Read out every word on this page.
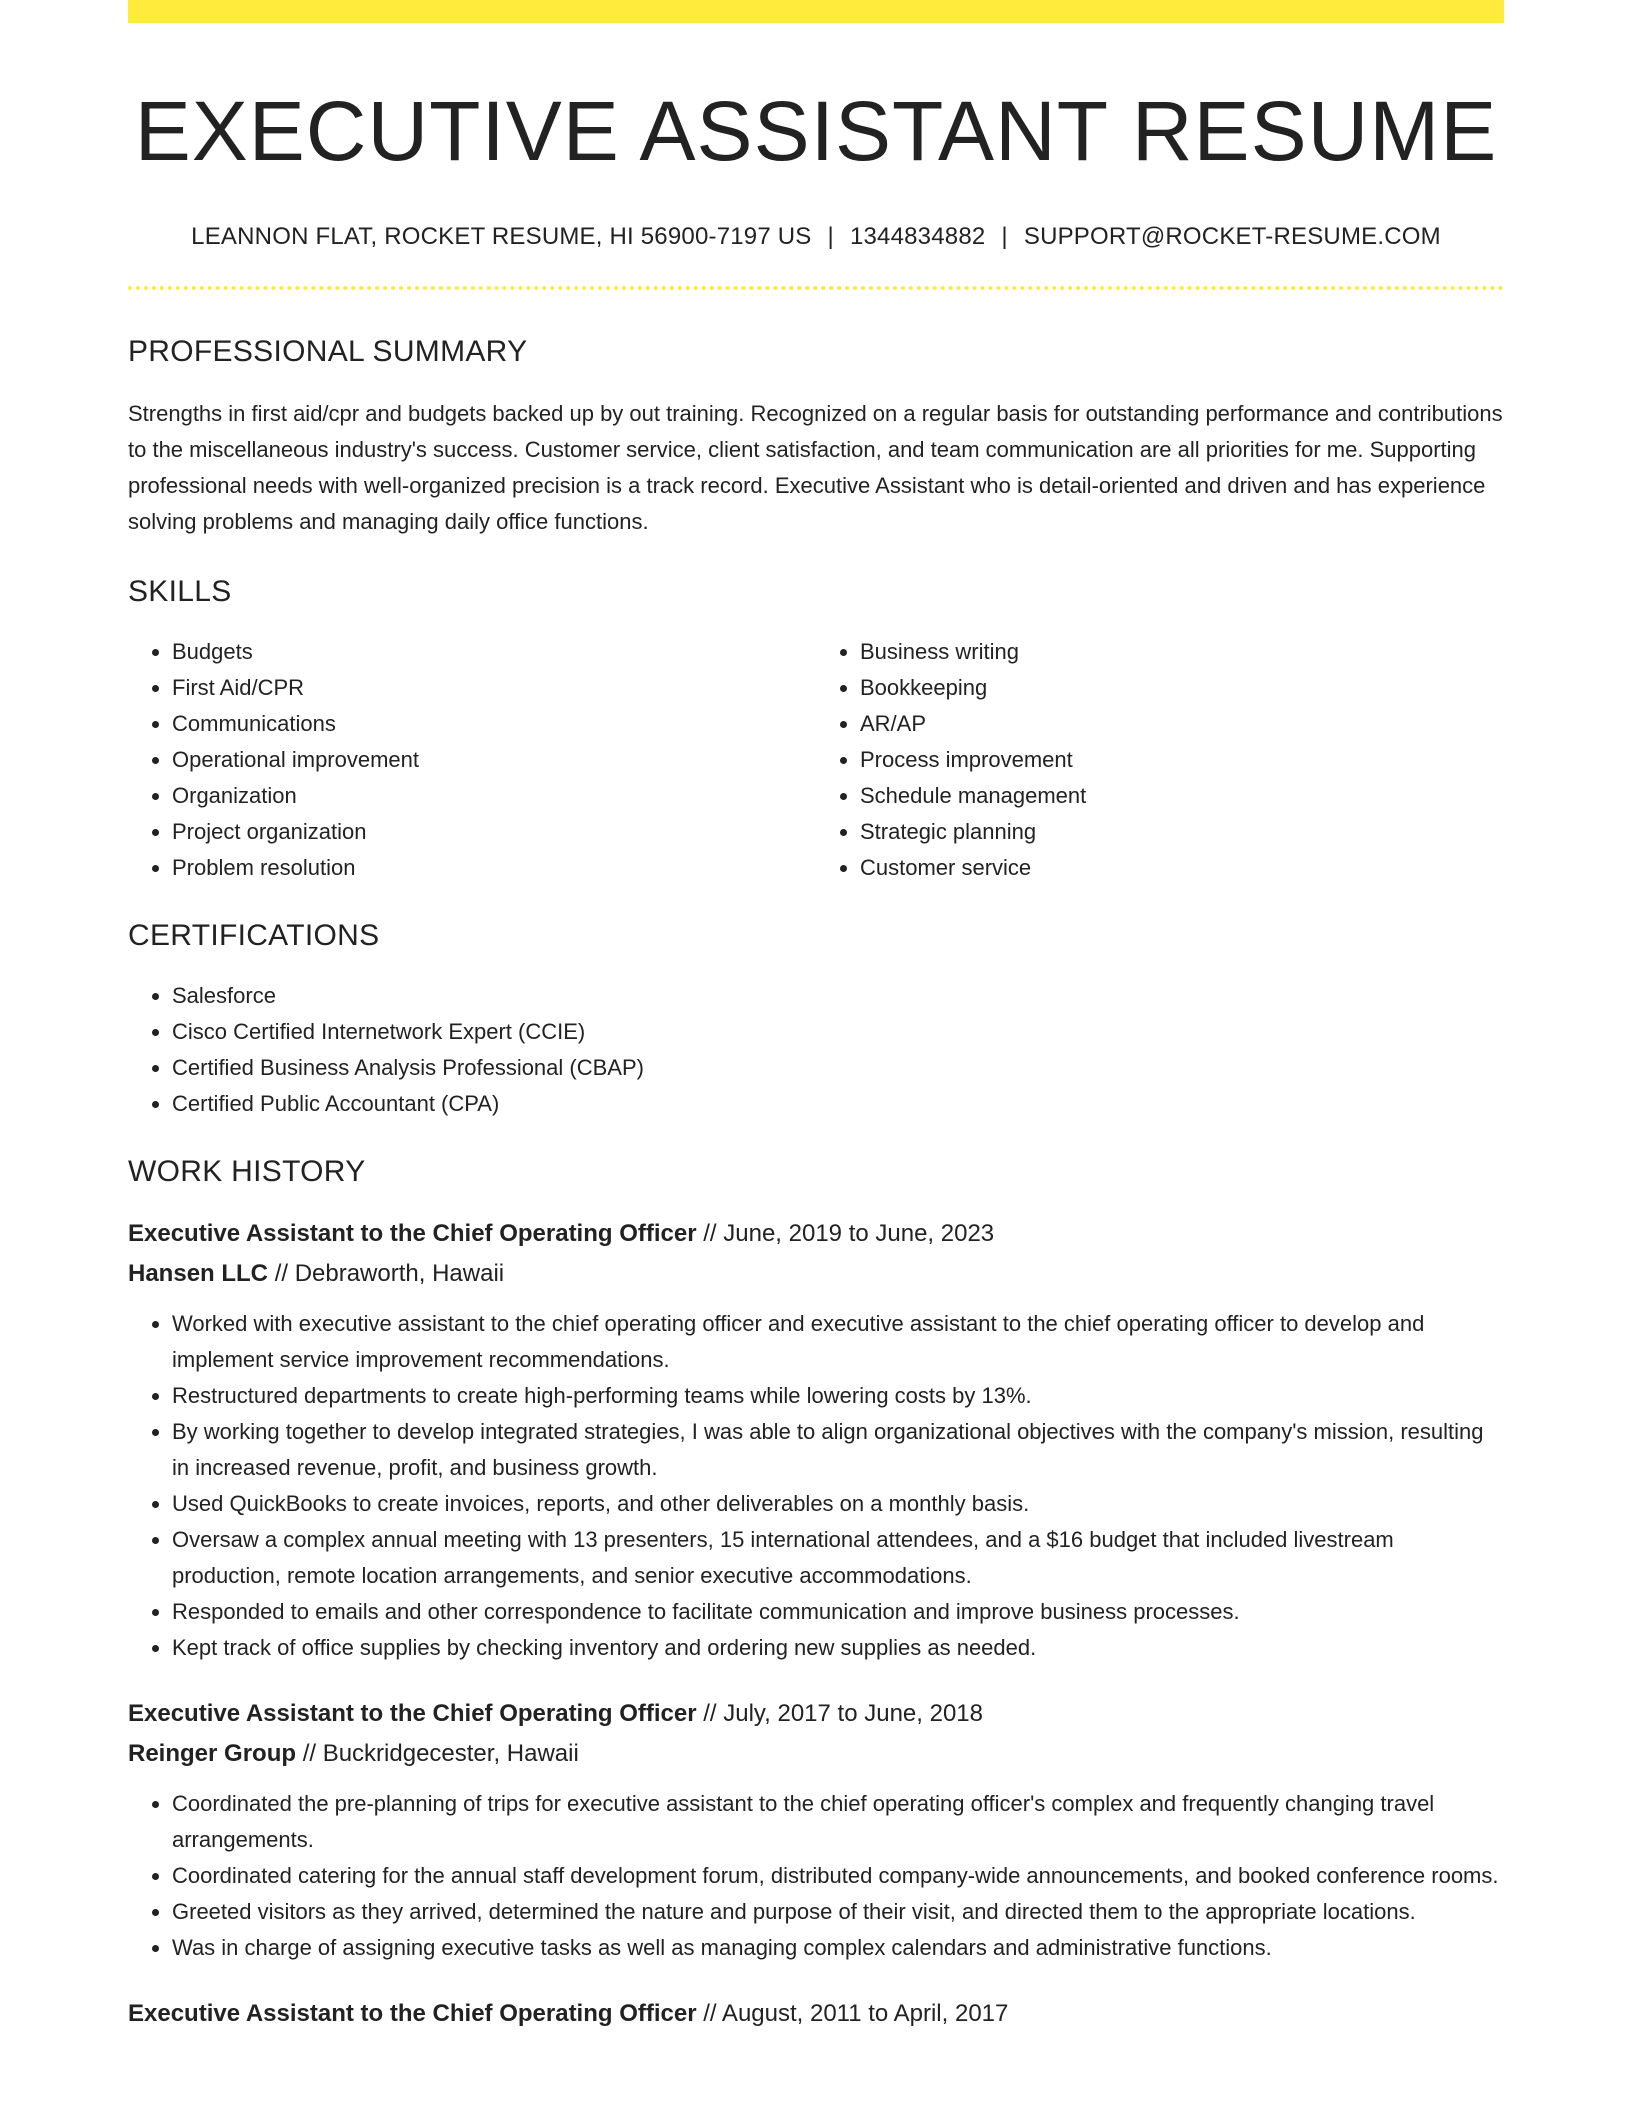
EXECUTIVE ASSISTANT RESUME
LEANNON FLAT, ROCKET RESUME, HI 56900-7197 US | 1344834882 | SUPPORT@ROCKET-RESUME.COM
PROFESSIONAL SUMMARY
Strengths in first aid/cpr and budgets backed up by out training. Recognized on a regular basis for outstanding performance and contributions to the miscellaneous industry's success. Customer service, client satisfaction, and team communication are all priorities for me. Supporting professional needs with well-organized precision is a track record. Executive Assistant who is detail-oriented and driven and has experience solving problems and managing daily office functions.
SKILLS
• Budgets
• First Aid/CPR
• Communications
• Operational improvement
• Organization
• Project organization
• Problem resolution
• Business writing
• Bookkeeping
• AR/AP
• Process improvement
• Schedule management
• Strategic planning
• Customer service
CERTIFICATIONS
• Salesforce
• Cisco Certified Internetwork Expert (CCIE)
• Certified Business Analysis Professional (CBAP)
• Certified Public Accountant (CPA)
WORK HISTORY
Executive Assistant to the Chief Operating Officer // June, 2019 to June, 2023
Hansen LLC // Debraworth, Hawaii
• Worked with executive assistant to the chief operating officer and executive assistant to the chief operating officer to develop and implement service improvement recommendations.
• Restructured departments to create high-performing teams while lowering costs by 13%.
• By working together to develop integrated strategies, I was able to align organizational objectives with the company's mission, resulting in increased revenue, profit, and business growth.
• Used QuickBooks to create invoices, reports, and other deliverables on a monthly basis.
• Oversaw a complex annual meeting with 13 presenters, 15 international attendees, and a $16 budget that included livestream production, remote location arrangements, and senior executive accommodations.
• Responded to emails and other correspondence to facilitate communication and improve business processes.
• Kept track of office supplies by checking inventory and ordering new supplies as needed.
Executive Assistant to the Chief Operating Officer // July, 2017 to June, 2018
Reinger Group // Buckridgecester, Hawaii
• Coordinated the pre-planning of trips for executive assistant to the chief operating officer's complex and frequently changing travel arrangements.
• Coordinated catering for the annual staff development forum, distributed company-wide announcements, and booked conference rooms.
• Greeted visitors as they arrived, determined the nature and purpose of their visit, and directed them to the appropriate locations.
• Was in charge of assigning executive tasks as well as managing complex calendars and administrative functions.
Executive Assistant to the Chief Operating Officer // August, 2011 to April, 2017
